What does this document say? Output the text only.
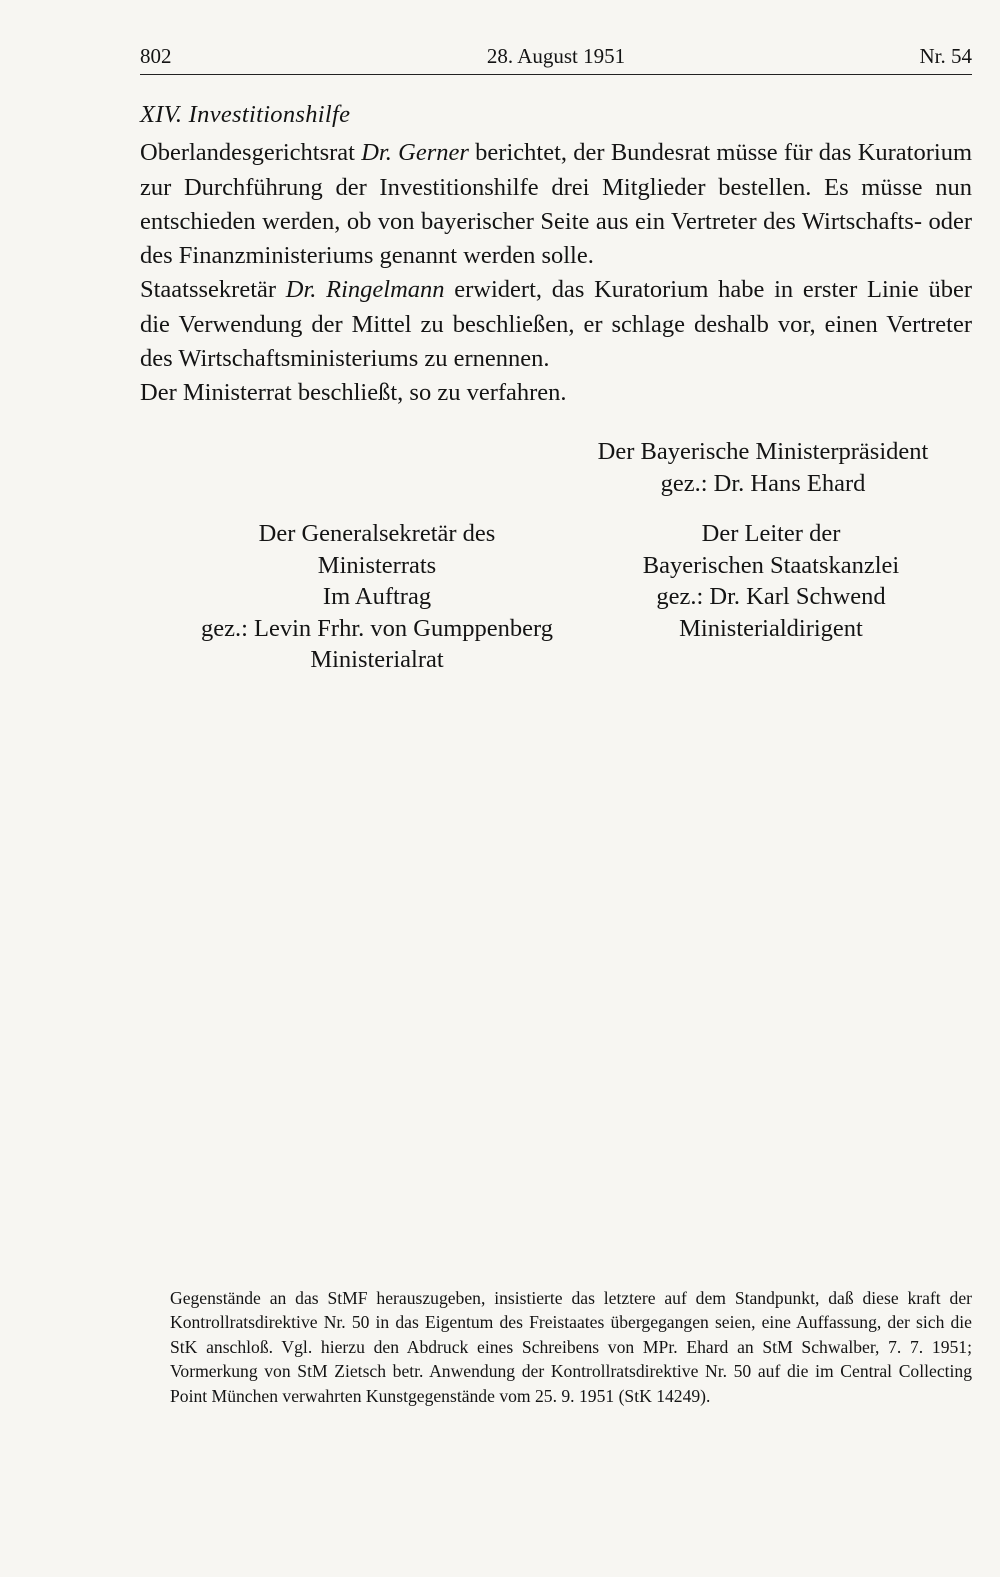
802	28. August 1951	Nr. 54
XIV. Investitionshilfe

Oberlandesgerichtsrat Dr. Gerner berichtet, der Bundesrat müsse für das Kuratorium zur Durchführung der Investitionshilfe drei Mitglieder bestellen. Es müsse nun entschieden werden, ob von bayerischer Seite aus ein Vertreter des Wirtschafts- oder des Finanzministeriums genannt werden solle.

Staatssekretär Dr. Ringelmann erwidert, das Kuratorium habe in erster Linie über die Verwendung der Mittel zu beschließen, er schlage deshalb vor, einen Vertreter des Wirtschaftsministeriums zu ernennen.

Der Ministerrat beschließt, so zu verfahren.

Der Bayerische Ministerpräsident
gez.: Dr. Hans Ehard
Der Generalsekretär des
Ministerrats
Im Auftrag
gez.: Levin Frhr. von Gumppenberg
Ministerialrat
Der Leiter der
Bayerischen Staatskanzlei
gez.: Dr. Karl Schwend
Ministerialdirigent

Gegenstände an das StMF herauszugeben, insistierte das letztere auf dem Standpunkt, daß diese kraft der Kontrollratsdirektive Nr. 50 in das Eigentum des Freistaates übergegangen seien, eine Auffassung, der sich die StK anschloß. Vgl. hierzu den Abdruck eines Schreibens von MPr. Ehard an StM Schwalber, 7. 7. 1951; Vormerkung von StM Zietsch betr. Anwendung der Kontrollratsdirektive Nr. 50 auf die im Central Collecting Point München verwahrten Kunstgegenstände vom 25. 9. 1951 (StK 14249).
